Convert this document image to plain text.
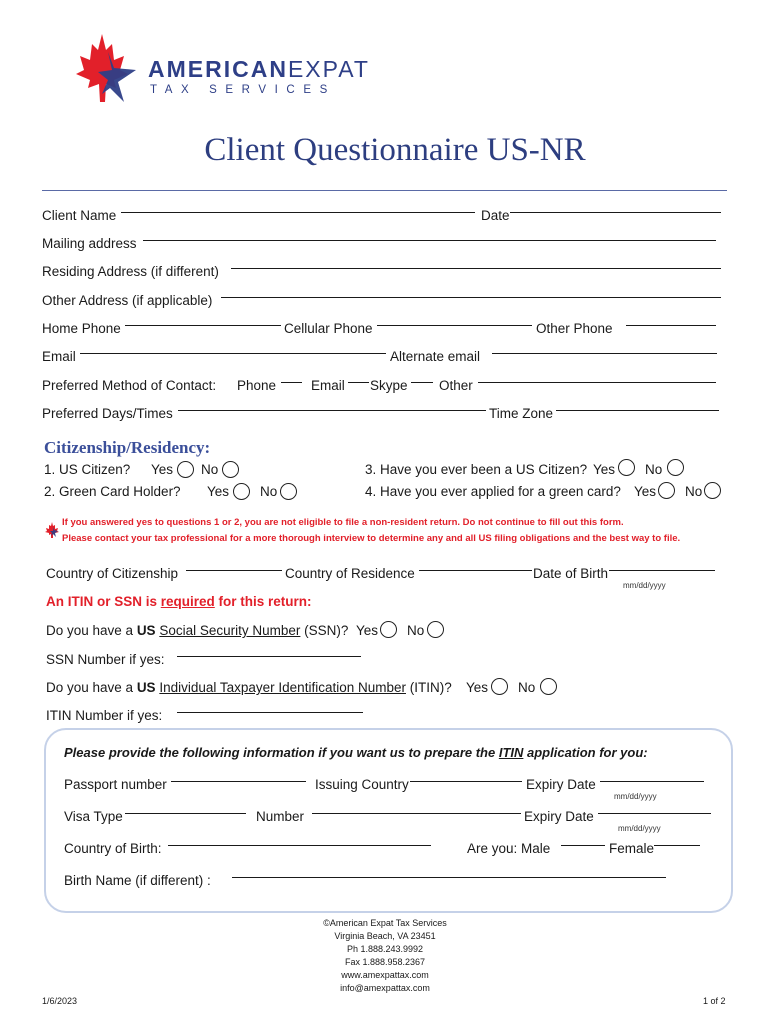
AMERICANEXPAT
TAX SERVICES
Client Questionnaire US-NR
Client Name	Date
Mailing address
Residing Address (if different)
Other Address (if applicable)
Home Phone	Cellular Phone	Other Phone
Email	Alternate email
Preferred Method of Contact: Phone	Email Skype Other
Preferred Days/Times	Time Zone
Citizenship/Residency:
1. US Citizen? Yes No
2. Green Card Holder? Yes No
3. Have you ever been a US Citizen? Yes No
4. Have you ever applied for a green card? Yes No
If you answered yes to questions 1 or 2, you are not eligible to file a non-resident return. Do not continue to fill out this form.
Please contact your tax professional for a more thorough interview to determine any and all US filing obligations and the best way to file.
Country of Citizenship	Country of Residence	Date of Birth
mm/dd/yyyy
An ITIN or SSN is required for this return:
Do you have a US Social Security Number (SSN)? Yes No
SSN Number if yes:
Do you have a US Individual Taxpayer Identification Number (ITIN)? Yes No
ITIN Number if yes:
Please provide the following information if you want us to prepare the ITIN application for you:
Passport number	Issuing Country	Expiry Date
mm/dd/yyyy
Visa Type	Number	Expiry Date
mm/dd/yyyy
Country of Birth:	Are you: Male	Female
Birth Name (if different) :
©American Expat Tax Services
Virginia Beach, VA 23451
Ph 1.888.243.9992
Fax 1.888.958.2367
www.amexpattax.com
info@amexpattax.com
1/6/2023	1 of 2
